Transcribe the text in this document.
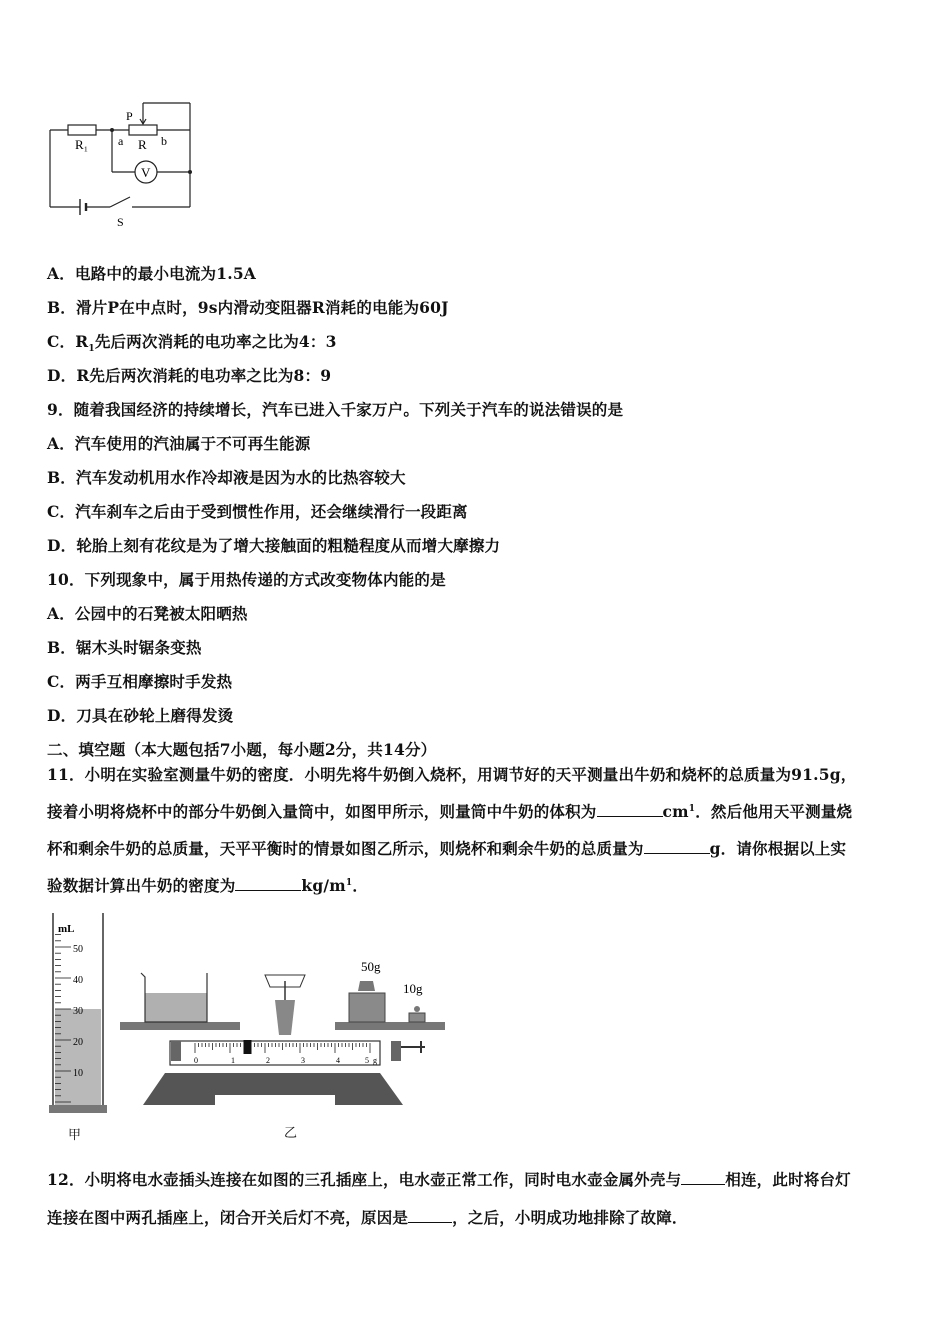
R₁
P
a R b
V
S
A．电路中的最小电流为1.5A
B．滑片P在中点时，9s内滑动变阻器R消耗的电能为60J
C．$R_1$先后两次消耗的电功率之比为4：3
D．R先后两次消耗的电功率之比为8：9
9．随着我国经济的持续增长，汽车已进入千家万户。下列关于汽车的说法错误的是
A．汽车使用的汽油属于不可再生能源
B．汽车发动机用水作冷却液是因为水的比热容较大
C．汽车刹车之后由于受到惯性作用，还会继续滑行一段距离
D．轮胎上刻有花纹是为了增大接触面的粗糙程度从而增大摩擦力
10．下列现象中，属于用热传递的方式改变物体内能的是
A．公园中的石凳被太阳晒热
B．锯木头时锯条变热
C．两手互相摩擦时手发热
D．刀具在砂轮上磨得发烫
二、填空题（本大题包括7小题，每小题2分，共14分）
11．小明在实验室测量牛奶的密度．小明先将牛奶倒入烧杯，用调节好的天平测量出牛奶和烧杯的总质量为91.5g，
接着小明将烧杯中的部分牛奶倒入量筒中，如图甲所示，则量筒中牛奶的体积为	$cm^1$．然后他用天平测量烧
杯和剩余牛奶的总质量，天平平衡时的情景如图乙所示，则烧杯和剩余牛奶的总质量为	g．请你根据以上实
验数据计算出牛奶的密度为	$kg/m^1$．
mL
50
40
30
20
10
甲
0	1	2	3	4	5 g
50g
10g
乙
12．小明将电水壶插头连接在如图的三孔插座上，电水壶正常工作，同时电水壶金属外壳与	相连，此时将台灯
连接在图中两孔插座上，闭合开关后灯不亮，原因是	，之后，小明成功地排除了故障．
